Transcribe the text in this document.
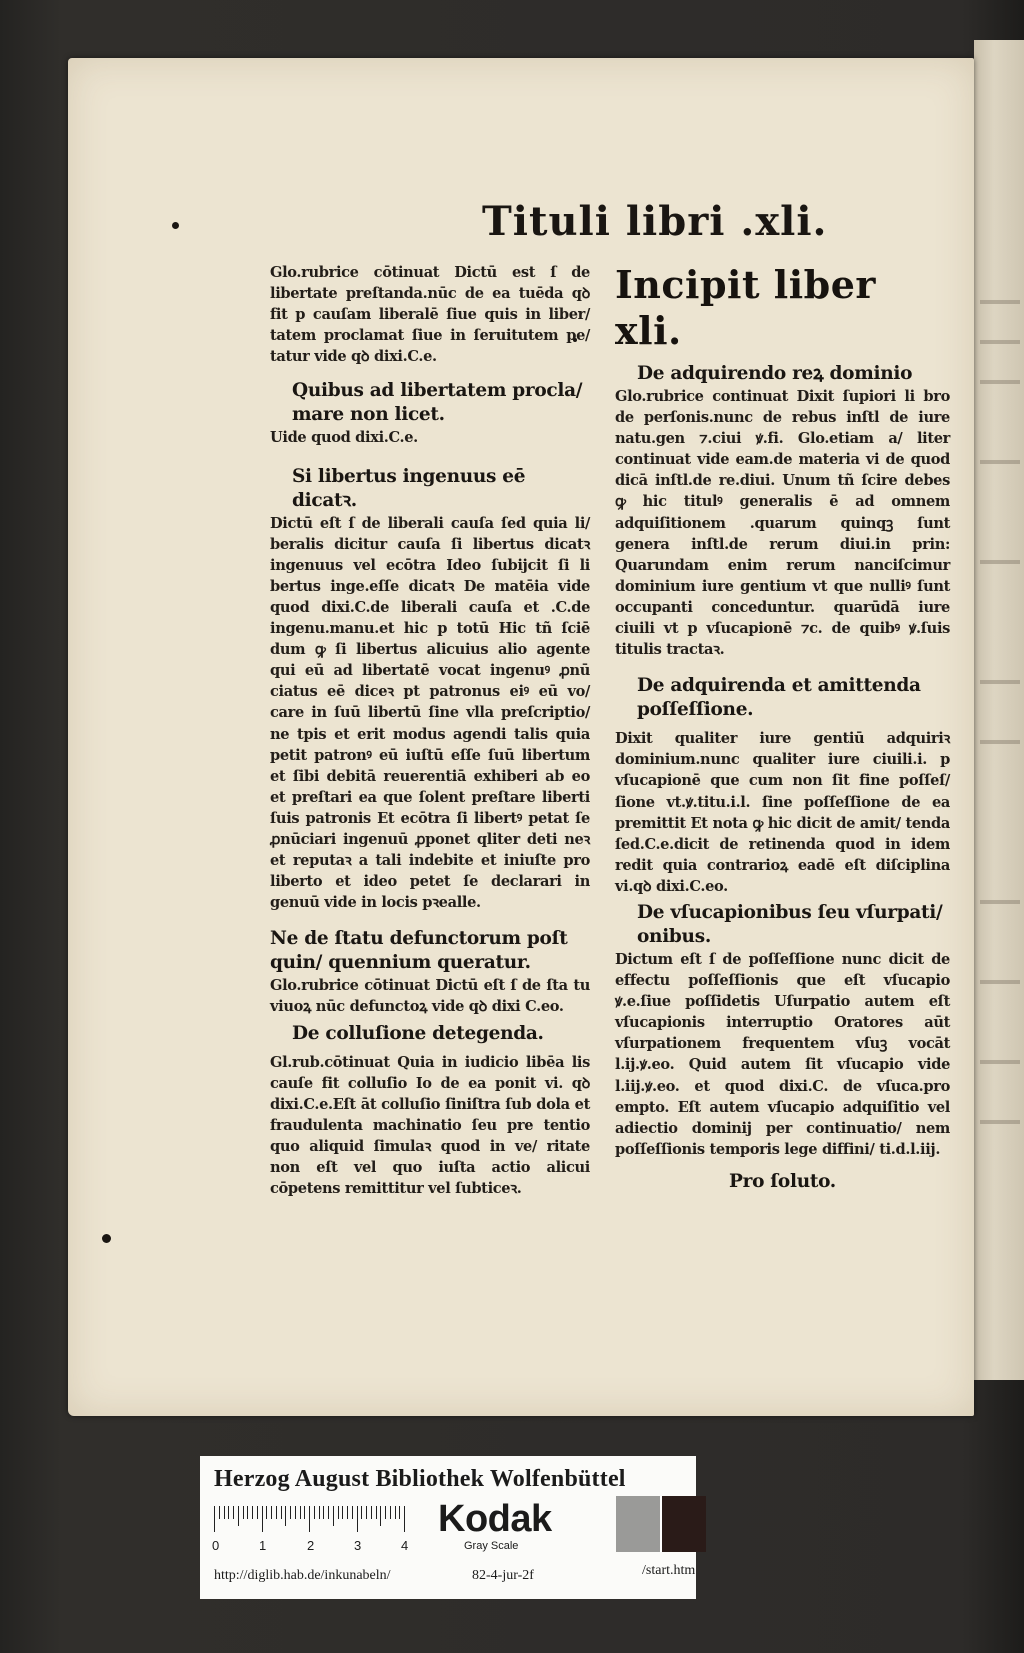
Tituli libri .xli.

Glo.rubrice cōtinuat Dictū est ſ de libertate preſtanda.nūc de ea tuēda qꝺ fit p cauſam liberalē ſiue quis in liber/ tatem proclamat ſiue in ſeruitutem pe/ tatur vide qꝺ dixi.C.e.

Quibus ad libertatem procla/ mare non licet.

Uide quod dixi.C.e.

Si libertus ingenuus eē dicatꝛ.

Dictū eſt ſ de liberali cauſa ſed quia li/ beralis dicitur cauſa ſi libertus dicatꝛ ingenuus vel ecōtra Ideo ſubijcit ſi li bertus inge.eſſe dicatꝛ De matēia vide quod dixi.C.de liberali cauſa et .C.de ingenu.manu.et hic p totū Hic tñ ſciē dum ꝙ ſi libertus alicuius alio agente qui eū ad libertatē vocat ingenuꝰ ꝓnū ciatus eē diceꝛ pt patronus eiꝰ eū vo/ care in ſuū libertū ſine vlla preſcriptio/ ne tpis et erit modus agendi talis quia petit patronꝰ eū iuſtū eſſe ſuū libertum et ſibi debitā reuerentiā exhiberi ab eo et preſtari ea que ſolent preſtare liberti ſuis patronis Et ecōtra ſi libertꝰ petat ſe ꝓnūciari ingenuū ꝓponet qliter deti neꝛ et reputaꝛ a tali indebite et iniuſte pro liberto et ideo petet ſe declarari in genuū vide in locis pꝛealle.

Ne de ſtatu defunctorum poſt quin/ quennium queratur.

Glo.rubrice cōtinuat Dictū eſt ſ de ſta tu viuoꝝ nūc defunctoꝝ vide qꝺ dixi C.eo.

De colluſione detegenda.

Gl.rub.cōtinuat Quia in iudicio libēa lis cauſe fit colluſio Io de ea ponit vi. qꝺ dixi.C.e.Eſt āt colluſio ſiniſtra ſub dola et fraudulenta machinatio ſeu pre tentio quo aliquid ſimulaꝛ quod in ve/ ritate non eſt vel quo iuſta actio alicui cōpetens remittitur vel ſubticeꝛ.

Incipit liber xli.

De adquirendo reꝝ dominio

Glo.rubrice continuat Dixit ſupiori li bro de perſonis.nunc de rebus inſtl de iure natu.gen ⁊.ciui ꝟ.fi. Glo.etiam a/ liter continuat vide eam.de materia vi de quod dicā inſtl.de re.diui. Unum tñ ſcire debes ꝙ hic titulꝰ generalis ē ad omnem adquiſitionem .quarum quinqꝫ ſunt genera inſtl.de rerum diui.in prin: Quarundam enim rerum nanciſcimur dominium iure gentium vt que nulliꝰ ſunt occupanti conceduntur. quarūdā iure ciuili vt p vſucapionē ⁊c. de quibꝰ ꝟ.ſuis titulis tractaꝛ.

De adquirenda et amittenda poſſeſſione.

Dixit qualiter iure gentiū adquiriꝛ dominium.nunc qualiter iure ciuili.i. p vſucapionē que cum non ſit fine poſſeſ/ ſione vt.ꝟ.titu.i.l. ſine poſſeſſione de ea premittit Et nota ꝙ hic dicit de amit/ tenda ſed.C.e.dicit de retinenda quod in idem redit quia contrarioꝝ eadē eſt diſciplina vi.qꝺ dixi.C.eo.

De vſucapionibus ſeu vſurpati/ onibus.

Dictum eſt ſ de poſſeſſione nunc dicit de effectu poſſeſſionis que eſt vſucapio ꝟ.e.ſiue poſſidetis Uſurpatio autem eſt vſucapionis interruptio Oratores aūt vſurpationem frequentem vſuꝫ vocāt l.ij.ꝟ.eo. Quid autem ſit vſucapio vide l.iij.ꝟ.eo. et quod dixi.C. de vſuca.pro empto. Eſt autem vſucapio adquiſitio vel adiectio dominij per continuatio/ nem poſſeſſionis temporis lege diffini/ ti.d.l.iij.

Pro ſoluto.

Herzog August Bibliothek Wolfenbüttel
0	1	2	3	4
Kodak
Gray Scale
http://diglib.hab.de/inkunabeln/	82-4-jur-2f	/start.htm
